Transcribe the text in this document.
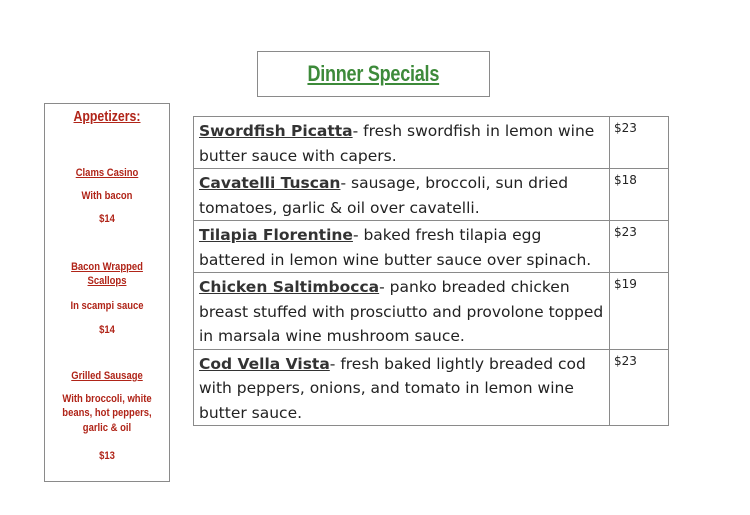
Dinner Specials
Appetizers:
Clams Casino
With bacon
$14
Bacon Wrapped
Scallops
In scampi sauce
$14
Grilled Sausage
With broccoli, white
beans, hot peppers,
garlic & oil
$13
Swordfish Picatta- fresh swordfish in lemon wine butter sauce with capers.	$23
Cavatelli Tuscan- sausage, broccoli, sun dried tomatoes, garlic & oil over cavatelli.	$18
Tilapia Florentine- baked fresh tilapia egg battered in lemon wine butter sauce over spinach.	$23
Chicken Saltimbocca- panko breaded chicken breast stuffed with prosciutto and provolone topped in marsala wine mushroom sauce.	$19
Cod Vella Vista- fresh baked lightly breaded cod with peppers, onions, and tomato in lemon wine butter sauce.	$23
